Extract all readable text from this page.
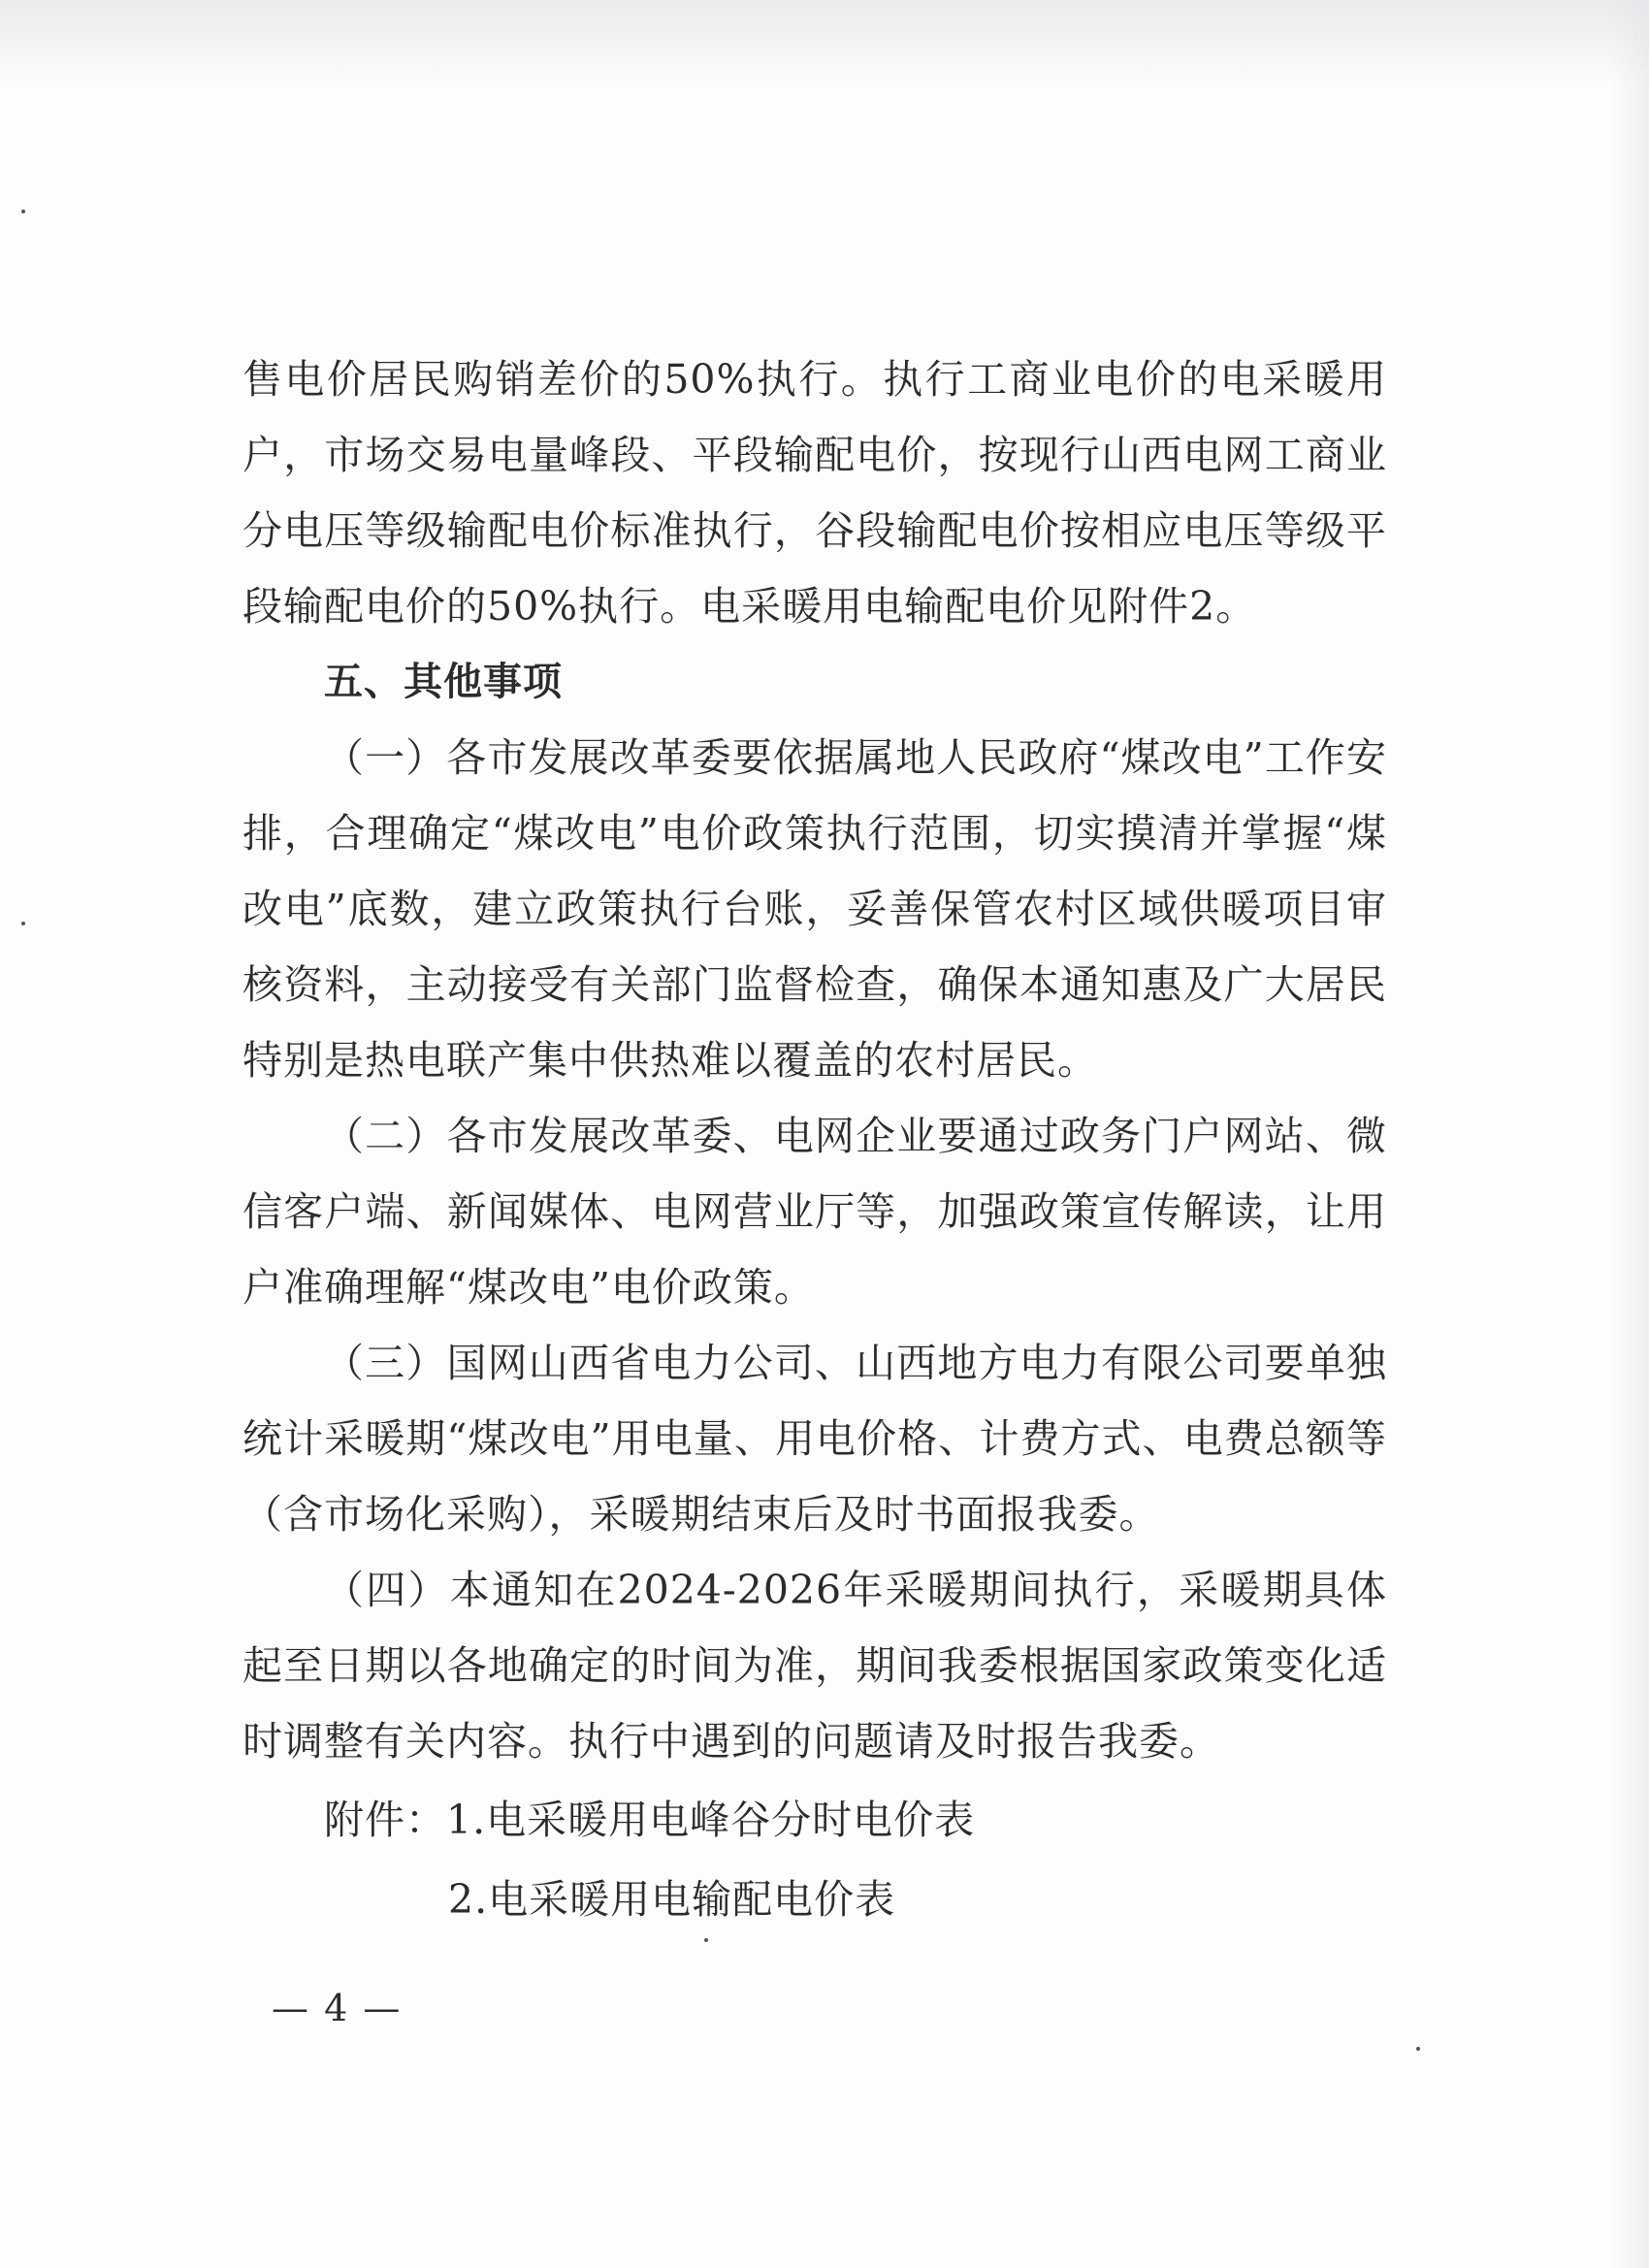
售电价居民购销差价的50%执行。执行工商业电价的电采暖用户，市场交易电量峰段、平段输配电价，按现行山西电网工商业分电压等级输配电价标准执行，谷段输配电价按相应电压等级平段输配电价的50%执行。电采暖用电输配电价见附件2。

五、其他事项

（一）各市发展改革委要依据属地人民政府“煤改电”工作安排，合理确定“煤改电”电价政策执行范围，切实摸清并掌握“煤改电”底数，建立政策执行台账，妥善保管农村区域供暖项目审核资料，主动接受有关部门监督检查，确保本通知惠及广大居民特别是热电联产集中供热难以覆盖的农村居民。

（二）各市发展改革委、电网企业要通过政务门户网站、微信客户端、新闻媒体、电网营业厅等，加强政策宣传解读，让用户准确理解“煤改电”电价政策。

（三）国网山西省电力公司、山西地方电力有限公司要单独统计采暖期“煤改电”用电量、用电价格、计费方式、电费总额等（含市场化采购），采暖期结束后及时书面报我委。

（四）本通知在2024-2026年采暖期间执行，采暖期具体起至日期以各地确定的时间为准，期间我委根据国家政策变化适时调整有关内容。执行中遇到的问题请及时报告我委。

附件：1.电采暖用电峰谷分时电价表

2.电采暖用电输配电价表

— 4 —
